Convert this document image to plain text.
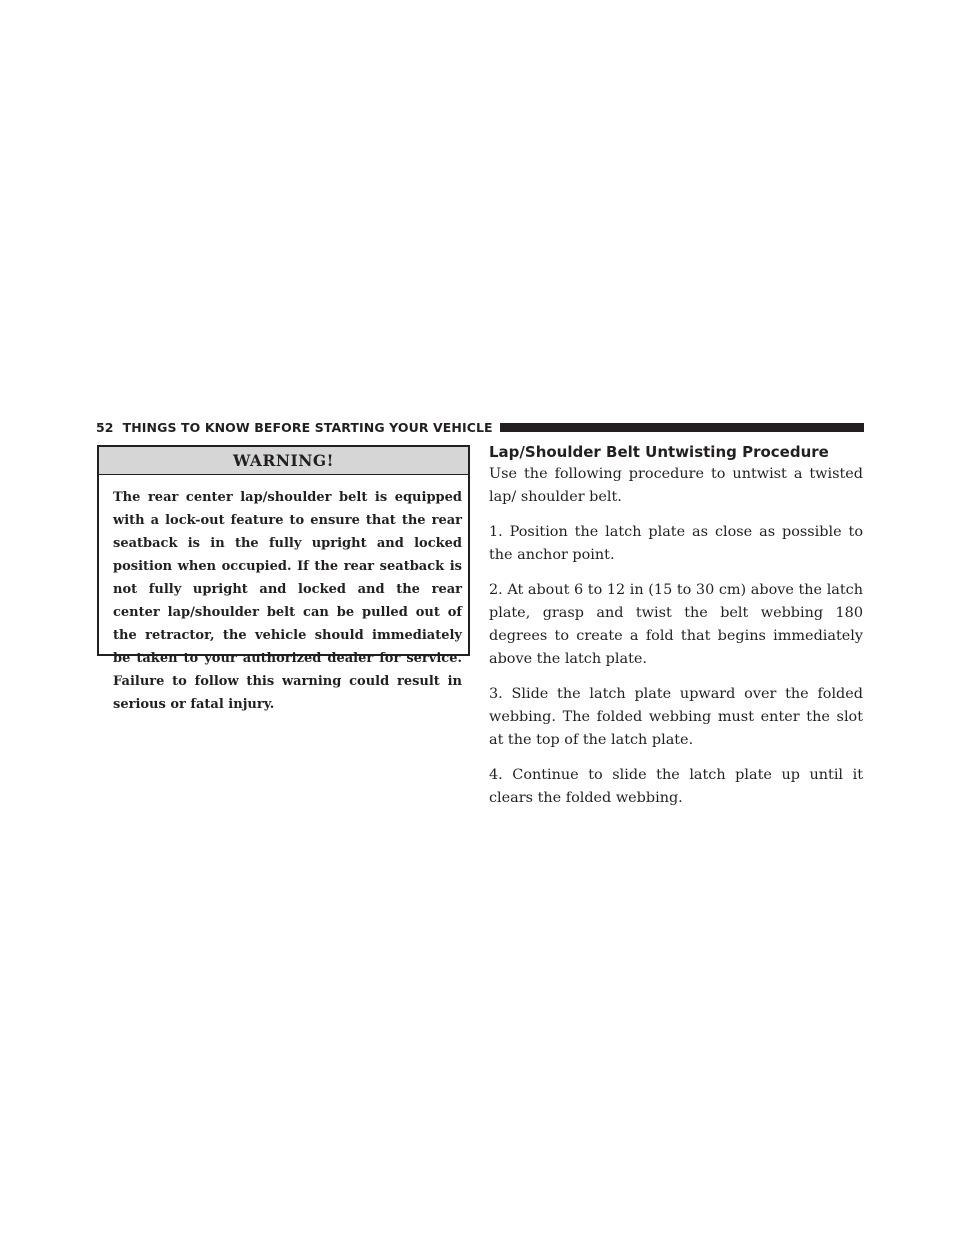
52 THINGS TO KNOW BEFORE STARTING YOUR VEHICLE
WARNING!
The rear center lap/shoulder belt is equipped with a lock-out feature to ensure that the rear seatback is in the fully upright and locked position when occupied. If the rear seatback is not fully upright and locked and the rear center lap/shoulder belt can be pulled out of the retractor, the vehicle should immediately be taken to your authorized dealer for service. Failure to follow this warning could result in serious or fatal injury.
Lap/Shoulder Belt Untwisting Procedure

Use the following procedure to untwist a twisted lap/ shoulder belt.

1. Position the latch plate as close as possible to the anchor point.

2. At about 6 to 12 in (15 to 30 cm) above the latch plate, grasp and twist the belt webbing 180 degrees to create a fold that begins immediately above the latch plate.

3. Slide the latch plate upward over the folded webbing. The folded webbing must enter the slot at the top of the latch plate.

4. Continue to slide the latch plate up until it clears the folded webbing.
